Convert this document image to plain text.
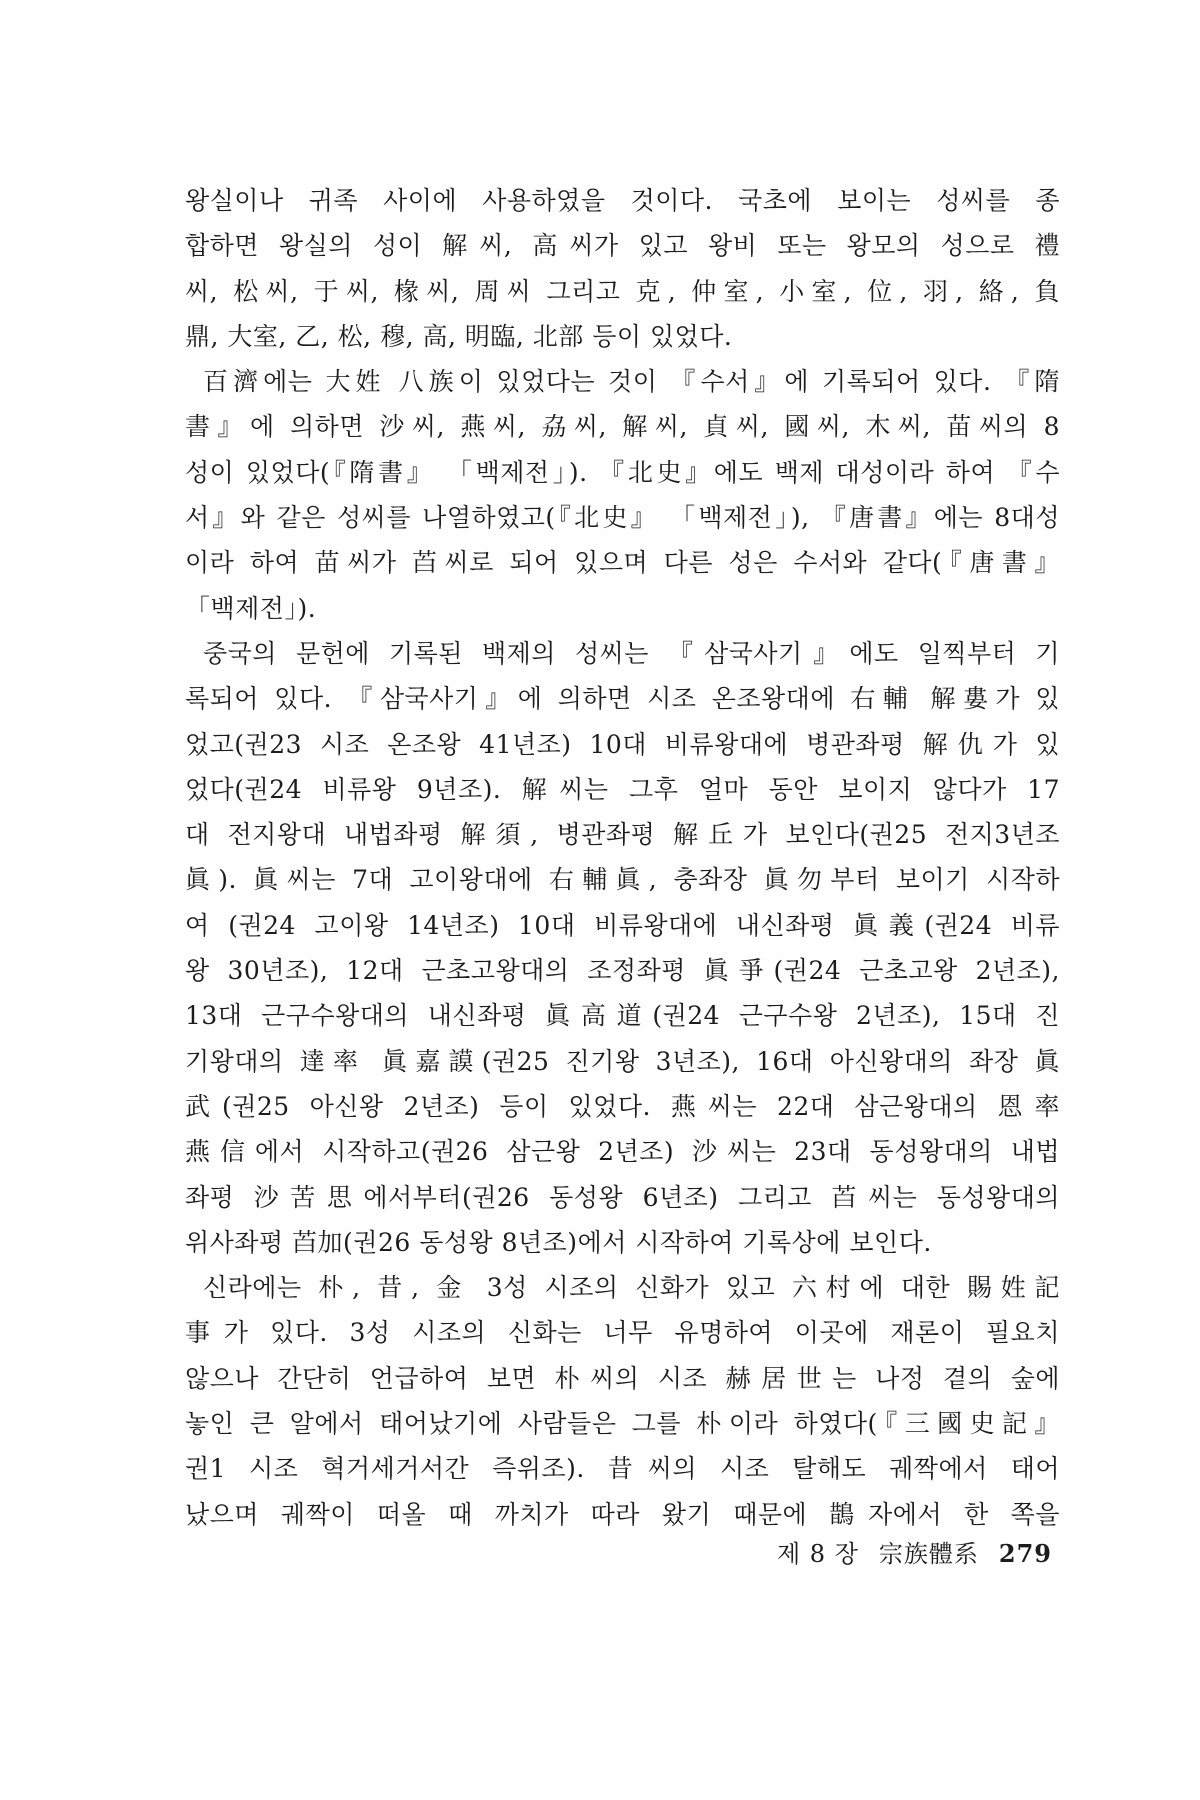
왕실이나 귀족 사이에 사용하였을 것이다. 국초에 보이는 성씨를 종
합하면 왕실의 성이 解씨, 高씨가 있고 왕비 또는 왕모의 성으로 禮
씨, 松씨, 于씨, 椽씨, 周씨 그리고 克, 仲室, 小室, 位, 羽, 絡, 負
鼎, 大室, 乙, 松, 穆, 高, 明臨, 北部 등이 있었다.
百濟에는 大姓 八族이 있었다는 것이 『수서』에 기록되어 있다. 『隋
書』에 의하면 沙씨, 燕씨, 劦씨, 解씨, 貞씨, 國씨, 木씨, 苗씨의 8
성이 있었다(『隋書』 「백제전」). 『北史』에도 백제 대성이라 하여 『수
서』와 같은 성씨를 나열하였고(『北史』 「백제전」), 『唐書』에는 8대성
이라 하여 苗씨가 苩씨로 되어 있으며 다른 성은 수서와 같다(『唐書』
「백제전」).
중국의 문헌에 기록된 백제의 성씨는 『삼국사기』에도 일찍부터 기
록되어 있다. 『삼국사기』에 의하면 시조 온조왕대에 右輔 解婁가 있
었고(권23 시조 온조왕 41년조) 10대 비류왕대에 병관좌평 解仇가 있
었다(권24 비류왕 9년조). 解씨는 그후 얼마 동안 보이지 않다가 17
대 전지왕대 내법좌평 解須, 병관좌평 解丘가 보인다(권25 전지3년조
眞). 眞씨는 7대 고이왕대에 右輔眞, 충좌장 眞勿부터 보이기 시작하
여 (권24 고이왕 14년조) 10대 비류왕대에 내신좌평 眞義(권24 비류
왕 30년조), 12대 근초고왕대의 조정좌평 眞爭(권24 근초고왕 2년조),
13대 근구수왕대의 내신좌평 眞高道(권24 근구수왕 2년조), 15대 진
기왕대의 達率 眞嘉謨(권25 진기왕 3년조), 16대 아신왕대의 좌장 眞
武(권25 아신왕 2년조) 등이 있었다. 燕씨는 22대 삼근왕대의 恩率
燕信에서 시작하고(권26 삼근왕 2년조) 沙씨는 23대 동성왕대의 내법
좌평 沙苦思에서부터(권26 동성왕 6년조) 그리고 苩씨는 동성왕대의
위사좌평 苩加(권26 동성왕 8년조)에서 시작하여 기록상에 보인다.
신라에는 朴, 昔, 金 3성 시조의 신화가 있고 六村에 대한 賜姓記
事가 있다. 3성 시조의 신화는 너무 유명하여 이곳에 재론이 필요치
않으나 간단히 언급하여 보면 朴씨의 시조 赫居世는 나정 곁의 숲에
놓인 큰 알에서 태어났기에 사람들은 그를 朴이라 하였다(『三國史記』
권1 시조 혁거세거서간 즉위조). 昔씨의 시조 탈해도 궤짝에서 태어
났으며 궤짝이 떠올 때 까치가 따라 왔기 때문에 鵲자에서 한 쪽을
제 8 장 宗族體系 279
